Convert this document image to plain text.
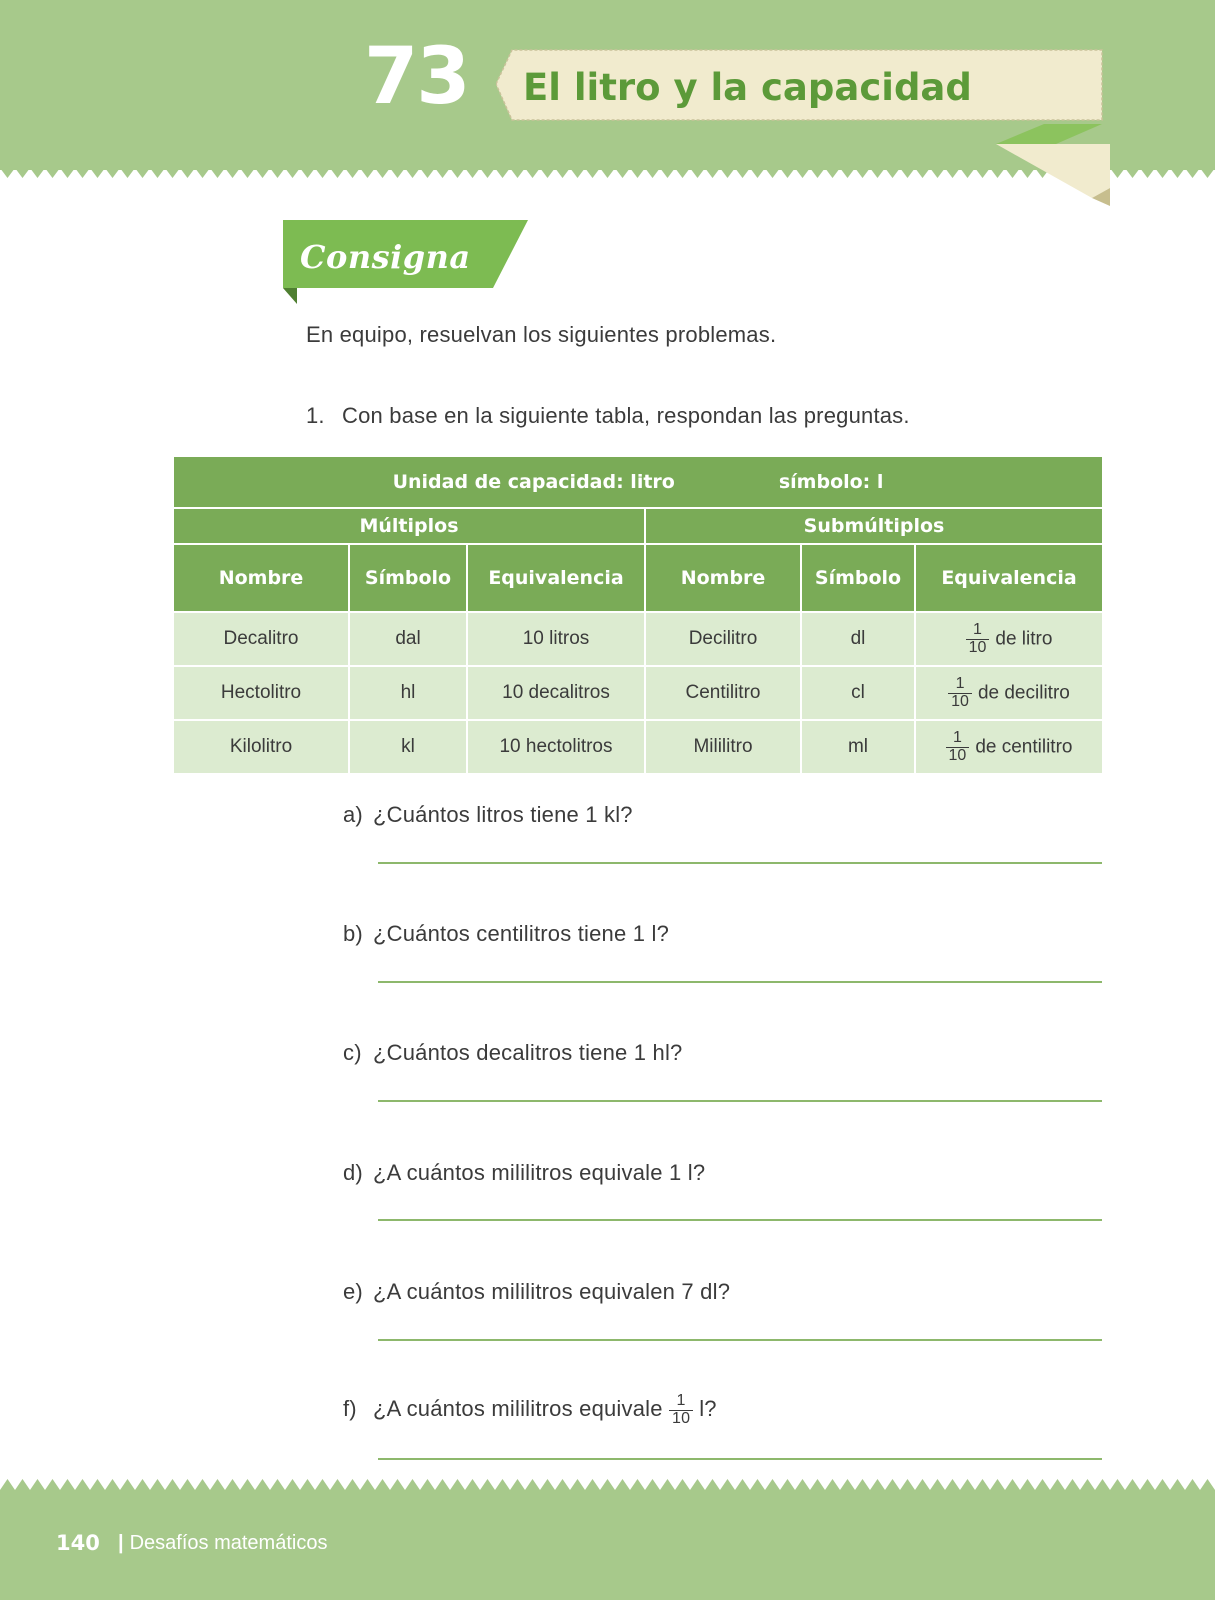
73 El litro y la capacidad
Consigna
En equipo, resuelvan los siguientes problemas.
1. Con base en la siguiente tabla, respondan las preguntas.
Unidad de capacidad: litro símbolo: l					
Múltiplos			Submúltiplos		
Nombre	Símbolo	Equivalencia	Nombre	Símbolo	Equivalencia
Decalitro	dal	10 litros	Decilitro	dl	$\frac{1}{10}$ de litro
Hectolitro	hl	10 decalitros	Centilitro	cl	$\frac{1}{10}$ de decilitro
Kilolitro	kl	10 hectolitros	Mililitro	ml	$\frac{1}{10}$ de centilitro
a) ¿Cuántos litros tiene 1 kl?
b) ¿Cuántos centilitros tiene 1 l?
c) ¿Cuántos decalitros tiene 1 hl?
d) ¿A cuántos mililitros equivale 1 l?
e) ¿A cuántos mililitros equivalen 7 dl?
f) ¿A cuántos mililitros equivale $\frac{1}{10} l$?
140 | Desafíos matemáticos
